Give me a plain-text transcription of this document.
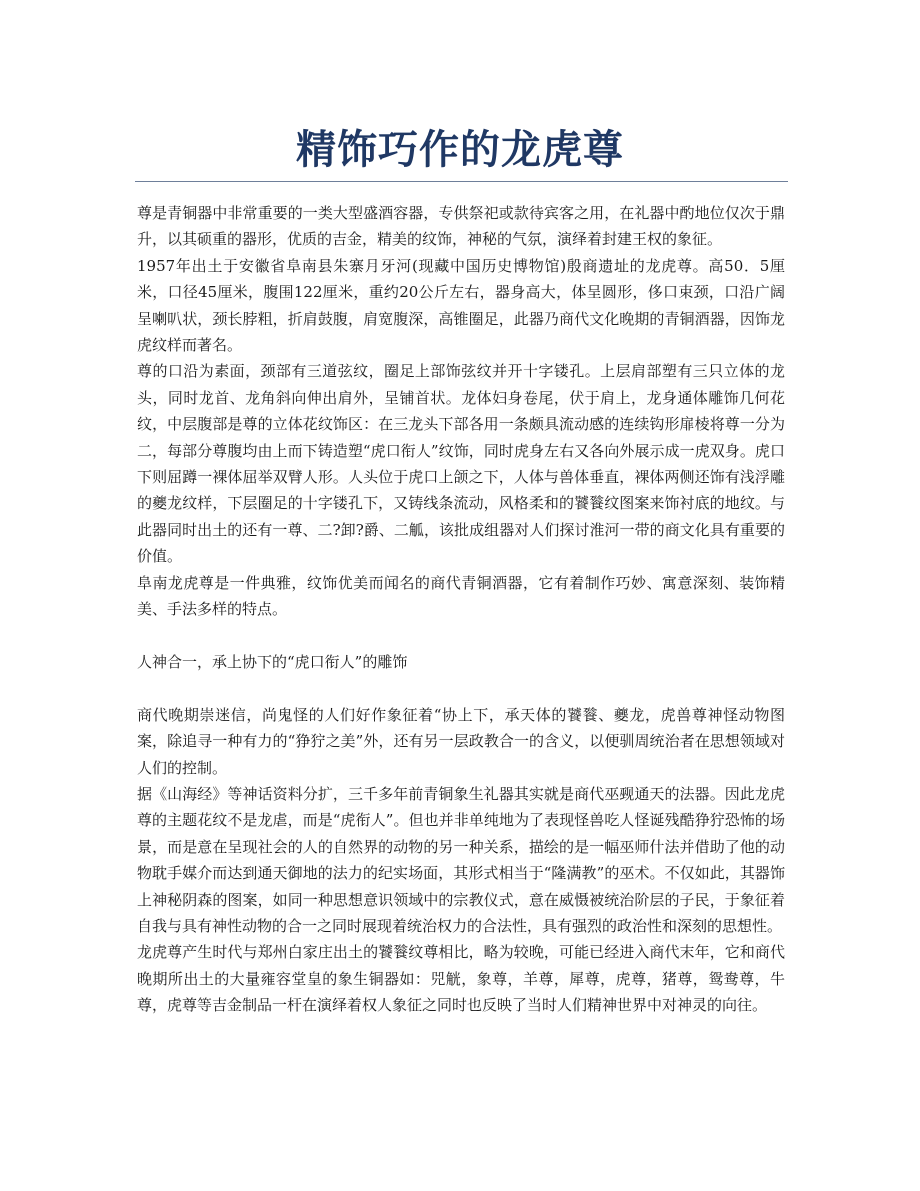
精饰巧作的龙虎尊

尊是青铜器中非常重要的一类大型盛酒容器，专供祭祀或款待宾客之用，在礼器中酌地位仅次于鼎升，以其硕重的器形，优质的吉金，精美的纹饰，神秘的气氛，演绎着封建王权的象征。

1957年出土于安徽省阜南县朱寨月牙河(现藏中国历史博物馆)殷商遗址的龙虎尊。高50．5厘米，口径45厘米，腹围122厘米，重约20公斤左右，器身高大，体呈圆形，侈口束颈，口沿广阔呈喇叭状，颈长脖粗，折肩鼓腹，肩宽腹深，高锥圈足，此器乃商代文化晚期的青铜酒器，因饰龙虎纹样而著名。

尊的口沿为素面，颈部有三道弦纹，圈足上部饰弦纹并开十字镂孔。上层肩部塑有三只立体的龙头，同时龙首、龙角斜向伸出肩外，呈铺首状。龙体妇身卷尾，伏于肩上，龙身通体雕饰几何花纹，中层腹部是尊的立体花纹饰区：在三龙头下部各用一条颇具流动感的连续钩形扉棱将尊一分为二，每部分尊腹均由上而下铸造塑“虎口衔人”纹饰，同时虎身左右又各向外展示成一虎双身。虎口下则屈蹲一裸体屈举双臂人形。人头位于虎口上颌之下，人体与兽体垂直，裸体两侧还饰有浅浮雕的夔龙纹样，下层圈足的十字镂孔下，又铸线条流动，风格柔和的饕餮纹图案来饰衬底的地纹。与此器同时出土的还有一尊、二?卸?爵、二觚，该批成组器对人们探讨淮河一带的商文化具有重要的价值。

阜南龙虎尊是一件典雅，纹饰优美而闻名的商代青铜酒器，它有着制作巧妙、寓意深刻、装饰精美、手法多样的特点。

人神合一，承上协下的“虎口衔人”的雕饰

商代晚期崇迷信，尚鬼怪的人们好作象征着“协上下，承天体的饕餮、夔龙，虎兽尊神怪动物图案，除追寻一种有力的“狰狞之美”外，还有另一层政教合一的含义，以便驯周统治者在思想领域对人们的控制。

据《山海经》等神话资料分扩，三千多年前青铜象生礼器其实就是商代巫觋通天的法器。因此龙虎尊的主题花纹不是龙虐，而是“虎衔人”。但也并非单纯地为了表现怪兽吃人怪诞残酷狰狞恐怖的场景，而是意在呈现社会的人的自然界的动物的另一种关系，描绘的是一幅巫师什法并借助了他的动物耽手媒介而达到通天御地的法力的纪实场面，其形式相当于“隆满教”的巫术。不仅如此，其器饰上神秘阴森的图案，如同一种思想意识领域中的宗教仪式，意在威慑被统治阶层的子民，于象征着自我与具有神性动物的合一之同时展现着统治权力的合法性，具有强烈的政治性和深刻的思想性。

龙虎尊产生时代与郑州白家庄出土的饕餮纹尊相比，略为较晚，可能已经进入商代末年，它和商代晚期所出土的大量雍容堂皇的象生铜器如：兕觥，象尊，羊尊，犀尊，虎尊，猪尊，鸳鸯尊，牛尊，虎尊等吉金制品一杆在演绎着权人象征之同时也反映了当时人们精神世界中对神灵的向往。
